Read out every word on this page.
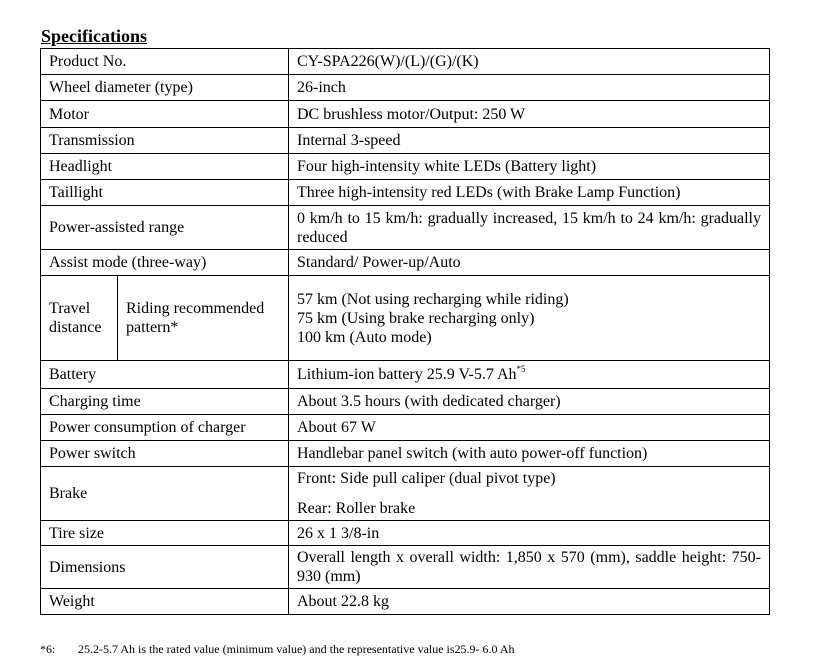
Specifications
Product No.		CY-SPA226(W)/(L)/(G)/(K)
Wheel diameter (type)		26-inch
Motor		DC brushless motor/Output: 250 W
Transmission		Internal 3-speed
Headlight		Four high-intensity white LEDs (Battery light)
Taillight		Three high-intensity red LEDs (with Brake Lamp Function)
Power-assisted range		0 km/h to 15 km/h: gradually increased, 15 km/h to 24 km/h: gradually reduced
Assist mode (three-way)		Standard/ Power-up/Auto
Travel distance	Riding recommended pattern*	57 km (Not using recharging while riding)
75 km (Using brake recharging only)
100 km (Auto mode)

Battery		Lithium-ion battery 25.9 V-5.7 Ah$^{*5}$
Charging time		About 3.5 hours (with dedicated charger)
Power consumption of charger		About 67 W
Power switch		Handlebar panel switch (with auto power-off function)
Brake		Front: Side pull caliper (dual pivot type)
Rear: Roller brake

Tire size		26 x 1 3/8-in
Dimensions		Overall length x overall width: 1,850 x 570 (mm), saddle height: 750-930 (mm)
Weight		About 22.8 kg
*6: 25.2-5.7 Ah is the rated value (minimum value) and the representative value is25.9- 6.0 Ah
